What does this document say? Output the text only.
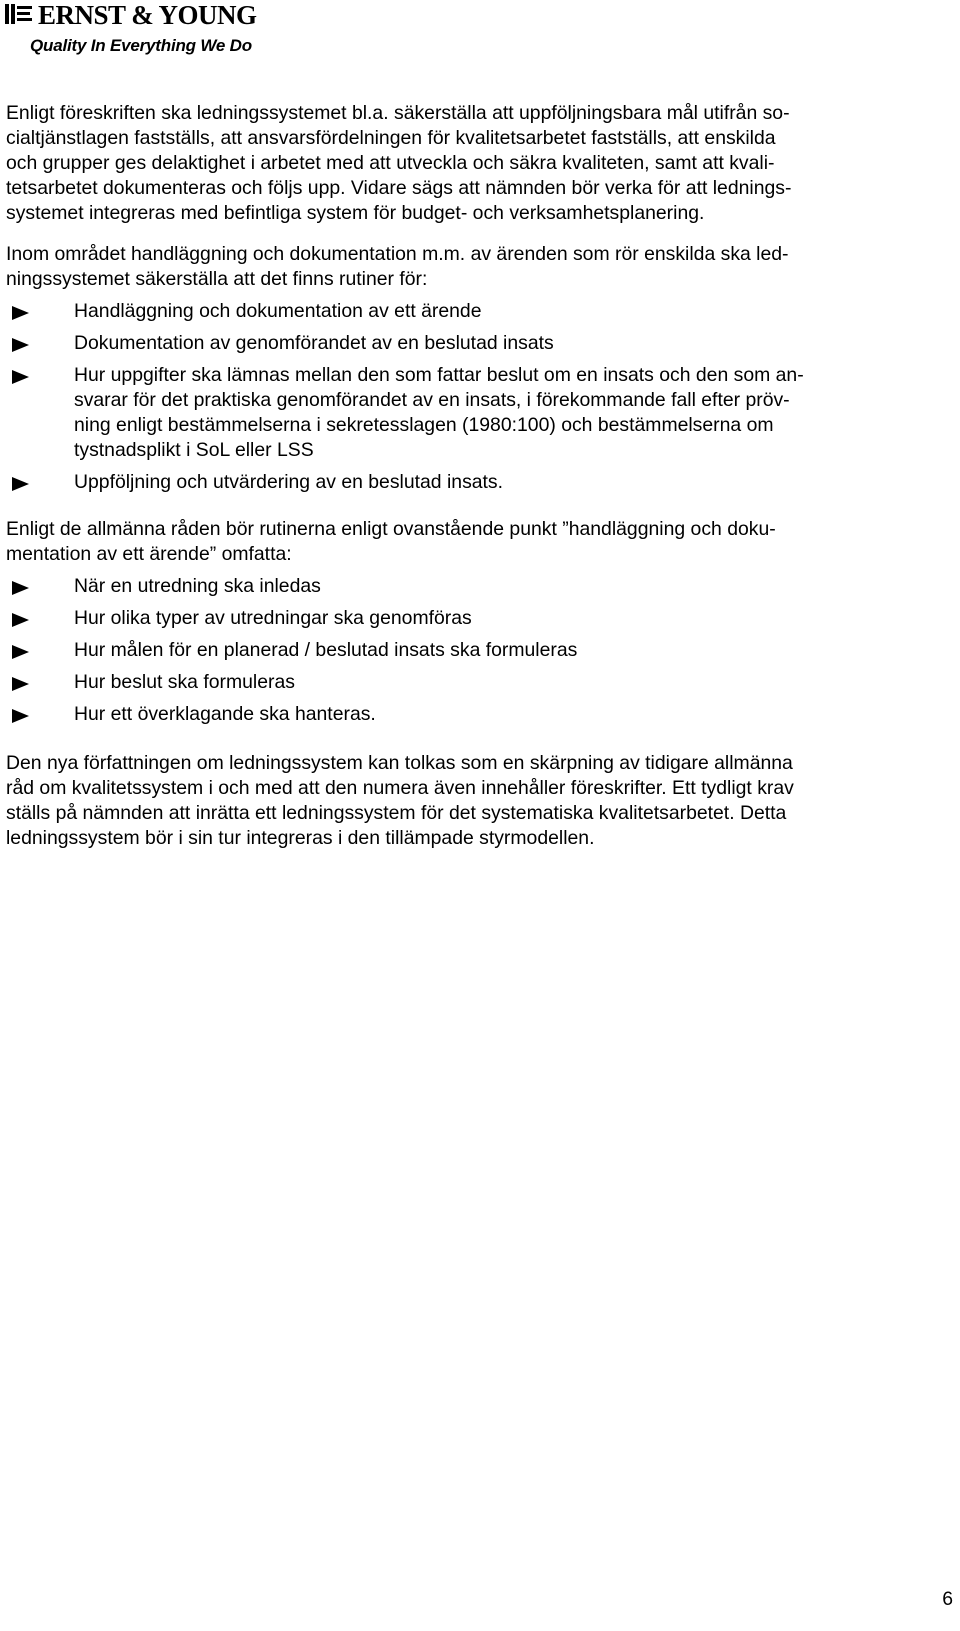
ERNST & YOUNG
Quality In Everything We Do

Enligt föreskriften ska ledningssystemet bl.a. säkerställa att uppföljningsbara mål utifrån so-
cialtjänstlagen fastställs, att ansvarsfördelningen för kvalitetsarbetet fastställs, att enskilda
och grupper ges delaktighet i arbetet med att utveckla och säkra kvaliteten, samt att kvali-
tetsarbetet dokumenteras och följs upp. Vidare sägs att nämnden bör verka för att lednings-
systemet integreras med befintliga system för budget- och verksamhetsplanering.

Inom området handläggning och dokumentation m.m. av ärenden som rör enskilda ska led-
ningssystemet säkerställa att det finns rutiner för:

Handläggning och dokumentation av ett ärende
Dokumentation av genomförandet av en beslutad insats
Hur uppgifter ska lämnas mellan den som fattar beslut om en insats och den som an-
svarar för det praktiska genomförandet av en insats, i förekommande fall efter pröv-
ning enligt bestämmelserna i sekretesslagen (1980:100) och bestämmelserna om
tystnadsplikt i SoL eller LSS
Uppföljning och utvärdering av en beslutad insats.

Enligt de allmänna råden bör rutinerna enligt ovanstående punkt ”handläggning och doku-
mentation av ett ärende” omfatta:

När en utredning ska inledas
Hur olika typer av utredningar ska genomföras
Hur målen för en planerad / beslutad insats ska formuleras
Hur beslut ska formuleras
Hur ett överklagande ska hanteras.

Den nya författningen om ledningssystem kan tolkas som en skärpning av tidigare allmänna
råd om kvalitetssystem i och med att den numera även innehåller föreskrifter. Ett tydligt krav
ställs på nämnden att inrätta ett ledningssystem för det systematiska kvalitetsarbetet. Detta
ledningssystem bör i sin tur integreras i den tillämpade styrmodellen.

6
